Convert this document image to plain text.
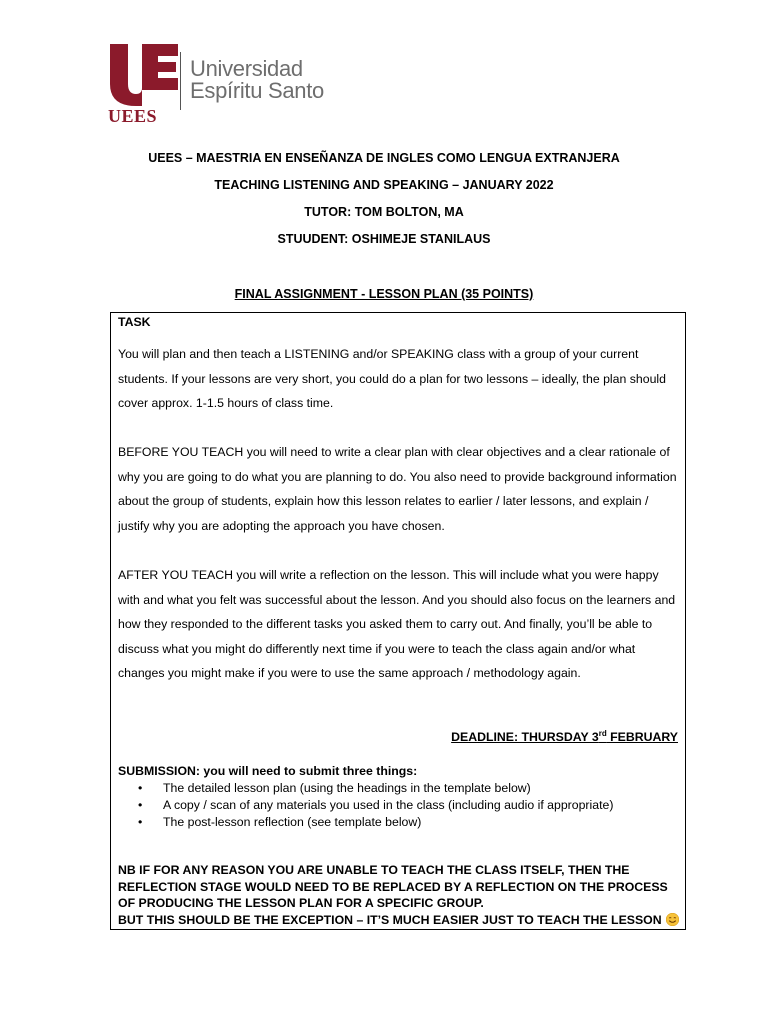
UEES
Universidad
Espíritu Santo
UEES – MAESTRIA EN ENSEÑANZA DE INGLES COMO LENGUA EXTRANJERA
TEACHING LISTENING AND SPEAKING – JANUARY 2022
TUTOR: TOM BOLTON, MA
STUUDENT: OSHIMEJE STANILAUS
FINAL ASSIGNMENT - LESSON PLAN (35 POINTS)
TASK
You will plan and then teach a LISTENING and/or SPEAKING class with a group of your current students. If your lessons are very short, you could do a plan for two lessons – ideally, the plan should cover approx. 1-1.5 hours of class time.
BEFORE YOU TEACH you will need to write a clear plan with clear objectives and a clear rationale of why you are going to do what you are planning to do. You also need to provide background information about the group of students, explain how this lesson relates to earlier / later lessons, and explain / justify why you are adopting the approach you have chosen.
AFTER YOU TEACH you will write a reflection on the lesson. This will include what you were happy with and what you felt was successful about the lesson. And you should also focus on the learners and how they responded to the different tasks you asked them to carry out. And finally, you’ll be able to discuss what you might do differently next time if you were to teach the class again and/or what changes you might make if you were to use the same approach / methodology again.
DEADLINE: THURSDAY 3rd FEBRUARY
SUBMISSION: you will need to submit three things:
• The detailed lesson plan (using the headings in the template below)
• A copy / scan of any materials you used in the class (including audio if appropriate)
• The post-lesson reflection (see template below)
NB IF FOR ANY REASON YOU ARE UNABLE TO TEACH THE CLASS ITSELF, THEN THE REFLECTION STAGE WOULD NEED TO BE REPLACED BY A REFLECTION ON THE PROCESS OF PRODUCING THE LESSON PLAN FOR A SPECIFIC GROUP.
BUT THIS SHOULD BE THE EXCEPTION – IT’S MUCH EASIER JUST TO TEACH THE LESSON
